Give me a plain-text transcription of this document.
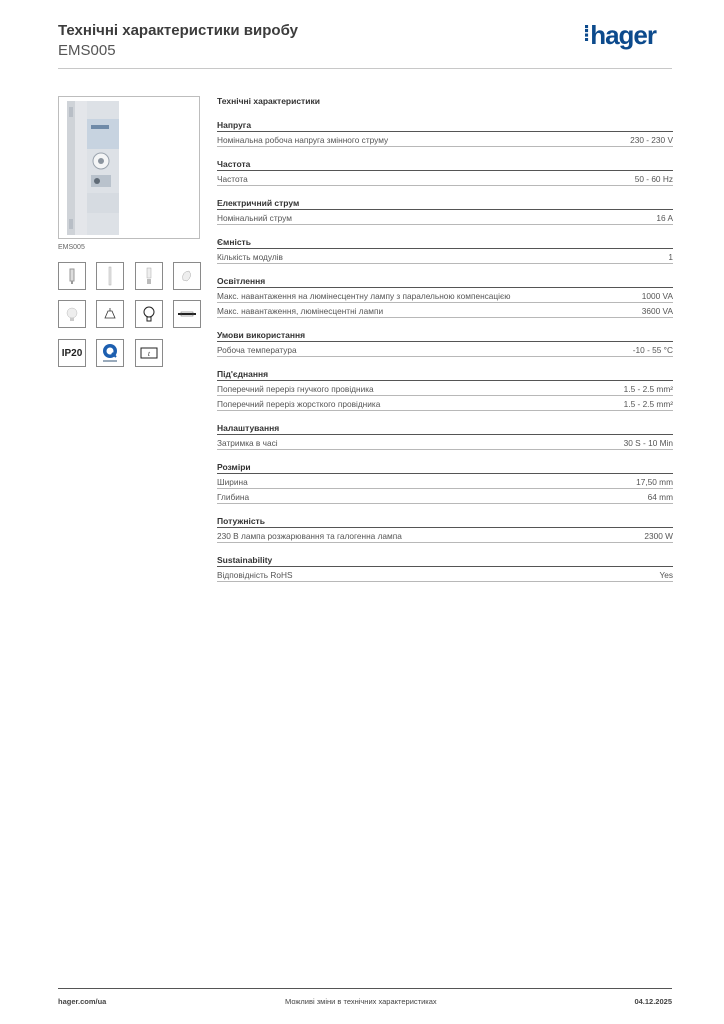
Технічні характеристики виробу
EMS005
⁞hager
EMS005
IP20	t
Технічні характеристики
Напруга
Номінальна робоча напруга змінного струму	230 - 230 V
Частота
Частота	50 - 60 Hz
Електричний струм
Номінальний струм	16 A
Ємність
Кількість модулів	1
Освітлення
Макс. навантаження на люмінесцентну лампу з паралельною компенсацією	1000 VA
Макс. навантаження, люмінесцентні лампи	3600 VA
Умови використання
Робоча температура	-10 - 55 °C
Під'єднання
Поперечний переріз гнучкого провідника	1.5 - 2.5 mm²
Поперечний переріз жорсткого провідника	1.5 - 2.5 mm²
Налаштування
Затримка в часі	30 S - 10 Min
Розміри
Ширина	17,50 mm
Глибина	64 mm
Потужність
230 В лампа розжарювання та галогенна лампа	2300 W
Sustainability
Відповідність RoHS	Yes
hager.com/ua	Можливі зміни в технічних характеристиках	04.12.2025
